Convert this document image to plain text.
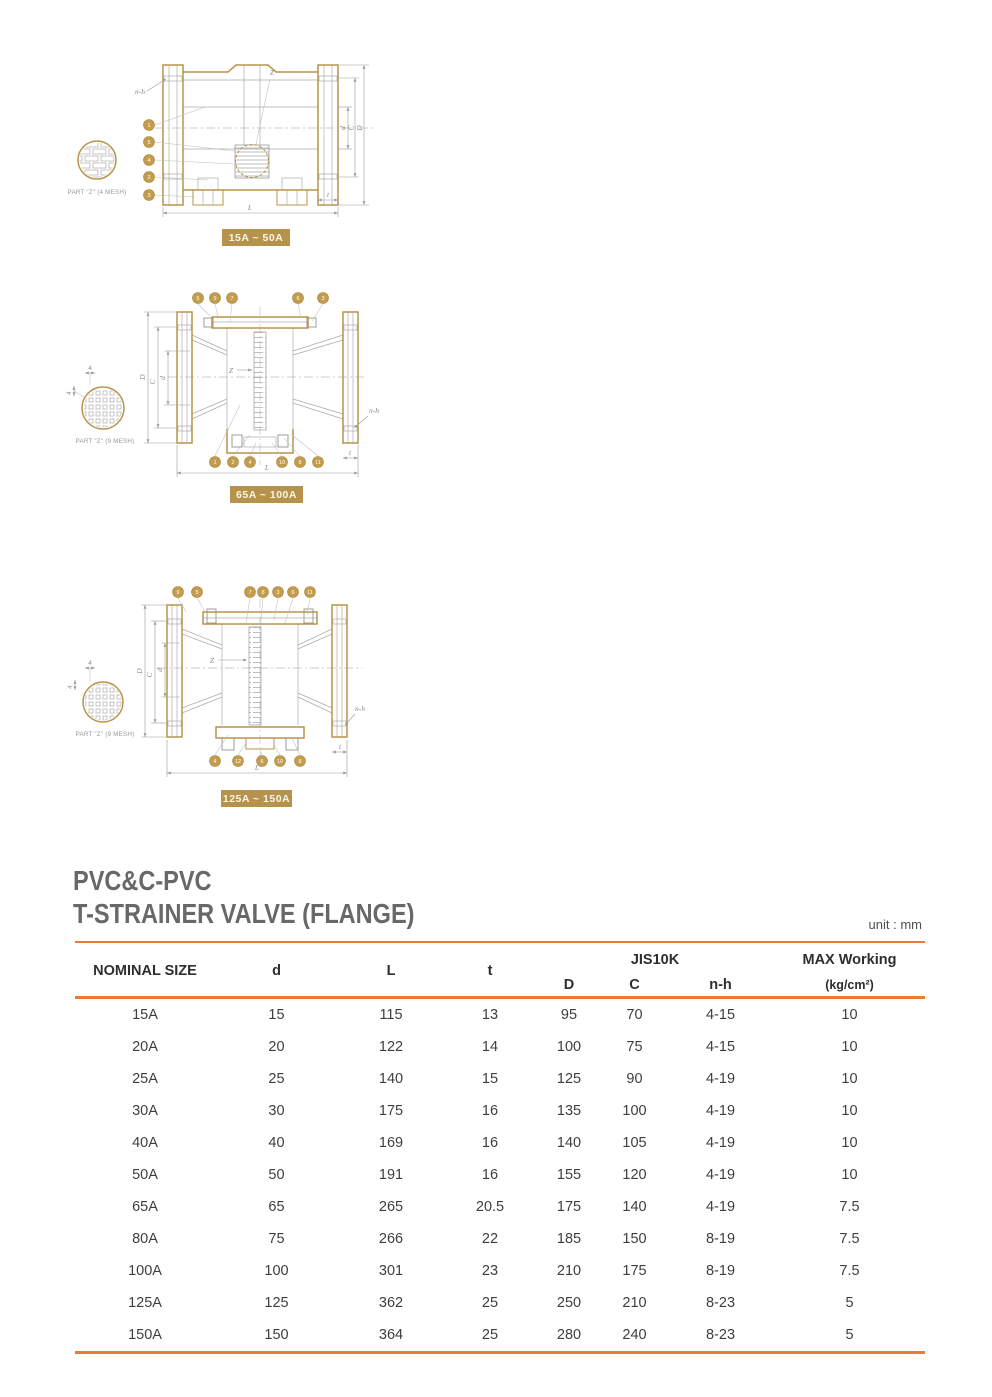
PART "Z" (4 MESH)
1
5
4
2
3
n-h
Z
d C D
L
t
15A ~ 50A
4
4
PART "Z" (9 MESH)
5	9	7	6	3
1	2	4	10 8 11
D
C
d
Z
n-h
L
t
65A ~ 100A
4
4
PART "Z" (9 MESH)
9	5	7 8 3 6 11
4	12	6 10	8
D
C
d
Z
n-h
L
t
125A ~ 150A
PVC&C-PVC
T-STRAINER VALVE (FLANGE)	unit : mm
NOMINAL SIZE	d	L	t	JIS10K			MAX Working
				D	C	n-h	(kg/cm²)
15A	15	115	13	95	70	4-15	10
20A	20	122	14	100	75	4-15	10
25A	25	140	15	125	90	4-19	10
30A	30	175	16	135	100	4-19	10
40A	40	169	16	140	105	4-19	10
50A	50	191	16	155	120	4-19	10
65A	65	265	20.5	175	140	4-19	7.5
80A	75	266	22	185	150	8-19	7.5
100A	100	301	23	210	175	8-19	7.5
125A	125	362	25	250	210	8-23	5
150A	150	364	25	280	240	8-23	5
